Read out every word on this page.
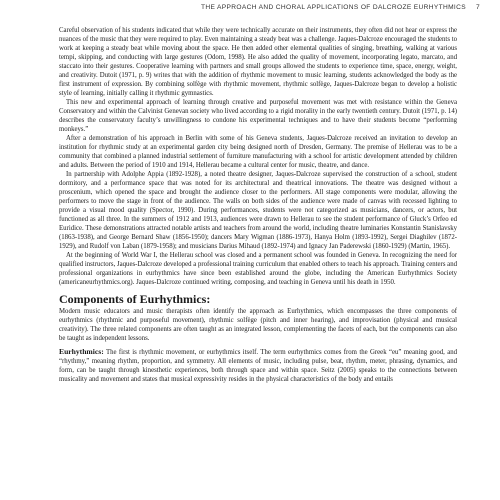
THE APPROACH AND CHORAL APPLICATIONS OF DALCROZE EURHYTHMICS 7

Careful observation of his students indicated that while they were technically accurate on their instruments, they often did not hear or express the nuances of the music that they were required to play. Even maintaining a steady beat was a challenge. Jaques-Dalcroze encouraged the students to work at keeping a steady beat while moving about the space. He then added other elemental qualities of singing, breathing, walking at various tempi, skipping, and conducting with large gestures (Odom, 1998). He also added the quality of movement, incorporating legato, marcato, and staccato into their gestures. Cooperative learning with partners and small groups allowed the students to experience time, space, energy, weight, and creativity. Dutoit (1971, p. 9) writes that with the addition of rhythmic movement to music learning, students acknowledged the body as the first instrument of expression. By combining solfège with rhythmic movement, rhythmic solfège, Jaques-Dalcroze began to develop a holistic style of learning, initially calling it rhythmic gymnastics.

This new and experimental approach of learning through creative and purposeful movement was met with resistance within the Geneva Conservatory and within the Calvinist Genevan society who lived according to a rigid morality in the early twentieth century. Dutoit (1971, p. 14) describes the conservatory faculty’s unwillingness to condone his experimental techniques and to have their students become “performing monkeys.”

After a demonstration of his approach in Berlin with some of his Geneva students, Jaques-Dalcroze received an invitation to develop an institution for rhythmic study at an experimental garden city being designed north of Dresden, Germany. The premise of Hellerau was to be a community that combined a planned industrial settlement of furniture manufacturing with a school for artistic development attended by children and adults. Between the period of 1910 and 1914, Hellerau became a cultural center for music, theatre, and dance.

In partnership with Adolphe Appia (1892-1928), a noted theatre designer, Jaques-Dalcroze supervised the construction of a school, student dormitory, and a performance space that was noted for its architectural and theatrical innovations. The theatre was designed without a proscenium, which opened the space and brought the audience closer to the performers. All stage components were modular, allowing the performers to move the stage in front of the audience. The walls on both sides of the audience were made of canvas with recessed lighting to provide a visual mood quality (Spector, 1990). During performances, students were not categorized as musicians, dancers, or actors, but functioned as all three. In the summers of 1912 and 1913, audiences were drawn to Hellerau to see the student performance of Gluck’s Orfeo ed Euridice. These demonstrations attracted notable artists and teachers from around the world, including theatre luminaries Konstantin Stanislavsky (1863-1938), and George Bernard Shaw (1856-1950); dancers Mary Wigman (1886-1973), Hanya Holm (1893-1992), Sergei Diaghilev (1872-1929), and Rudolf von Laban (1879-1958); and musicians Darius Mihaud (1892-1974) and Ignacy Jan Paderewski (1860-1929) (Martin, 1965).

At the beginning of World War I, the Hellerau school was closed and a permanent school was founded in Geneva. In recognizing the need for qualified instructors, Jaques-Dalcroze developed a professional training curriculum that enabled others to teach his approach. Training centers and professional organizations in eurhythmics have since been established around the globe, including the American Eurhythmics Society (americaneurhythmics.org). Jaques-Dalcroze continued writing, composing, and teaching in Geneva until his death in 1950.

Components of Eurhythmics:

Modern music educators and music therapists often identify the approach as Eurhythmics, which encompasses the three components of eurhythmics (rhythmic and purposeful movement), rhythmic solfège (pitch and inner hearing), and improvisation (physical and musical creativity). The three related components are often taught as an integrated lesson, complementing the facets of each, but the components can also be taught as independent lessons.

Eurhythmics: The first is rhythmic movement, or eurhythmics itself. The term eurhythmics comes from the Greek “eu” meaning good, and “rhythmy,” meaning rhythm, proportion, and symmetry. All elements of music, including pulse, beat, rhythm, meter, phrasing, dynamics, and form, can be taught through kinesthetic experiences, both through space and within space. Seitz (2005) speaks to the connections between musicality and movement and states that musical expressivity resides in the physical characteristics of the body and entails
